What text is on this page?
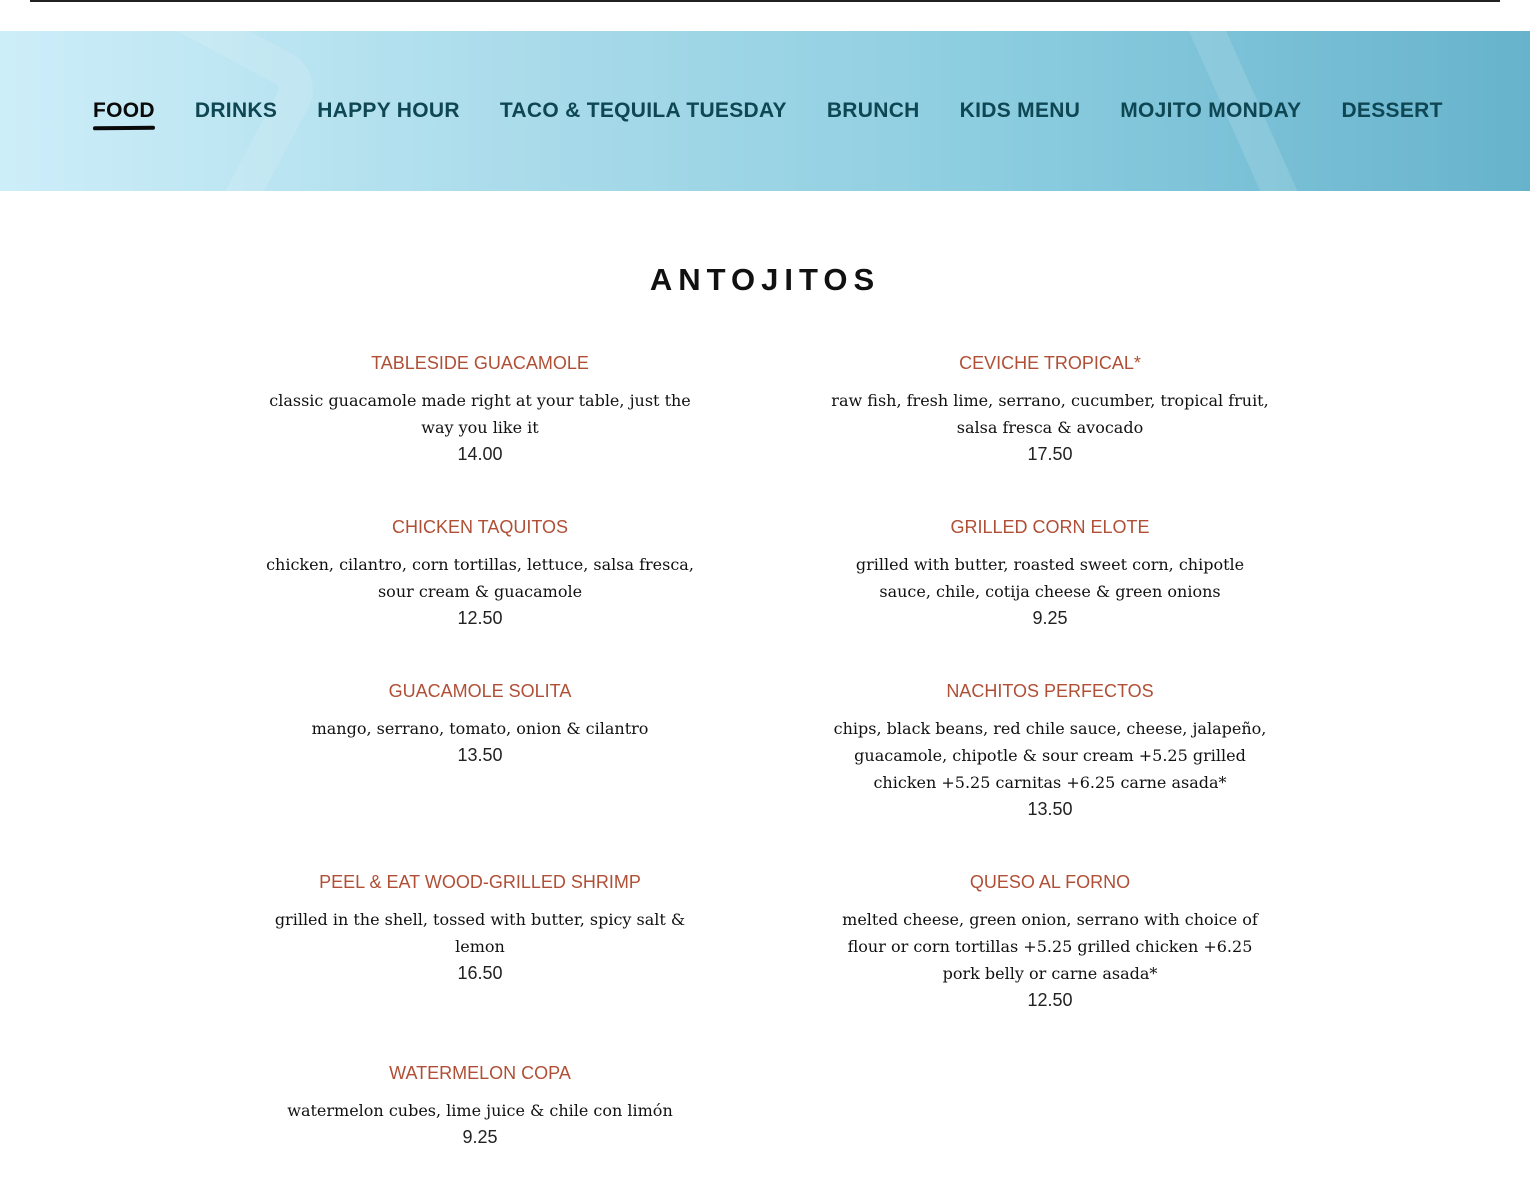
FOOD DRINKS HAPPY HOUR TACO & TEQUILA TUESDAY BRUNCH KIDS MENU MOJITO MONDAY DESSERT
ANTOJITOS
TABLESIDE GUACAMOLE
classic guacamole made right at your table, just the way you like it
14.00
CEVICHE TROPICAL*
raw fish, fresh lime, serrano, cucumber, tropical fruit, salsa fresca & avocado
17.50
CHICKEN TAQUITOS
chicken, cilantro, corn tortillas, lettuce, salsa fresca, sour cream & guacamole
12.50
GRILLED CORN ELOTE
grilled with butter, roasted sweet corn, chipotle sauce, chile, cotija cheese & green onions
9.25
GUACAMOLE SOLITA
mango, serrano, tomato, onion & cilantro
13.50
NACHITOS PERFECTOS
chips, black beans, red chile sauce, cheese, jalapeño, guacamole, chipotle & sour cream +5.25 grilled chicken +5.25 carnitas +6.25 carne asada*
13.50
PEEL & EAT WOOD-GRILLED SHRIMP
grilled in the shell, tossed with butter, spicy salt & lemon
16.50
QUESO AL FORNO
melted cheese, green onion, serrano with choice of flour or corn tortillas +5.25 grilled chicken +6.25 pork belly or carne asada*
12.50
WATERMELON COPA
watermelon cubes, lime juice & chile con limón
9.25
